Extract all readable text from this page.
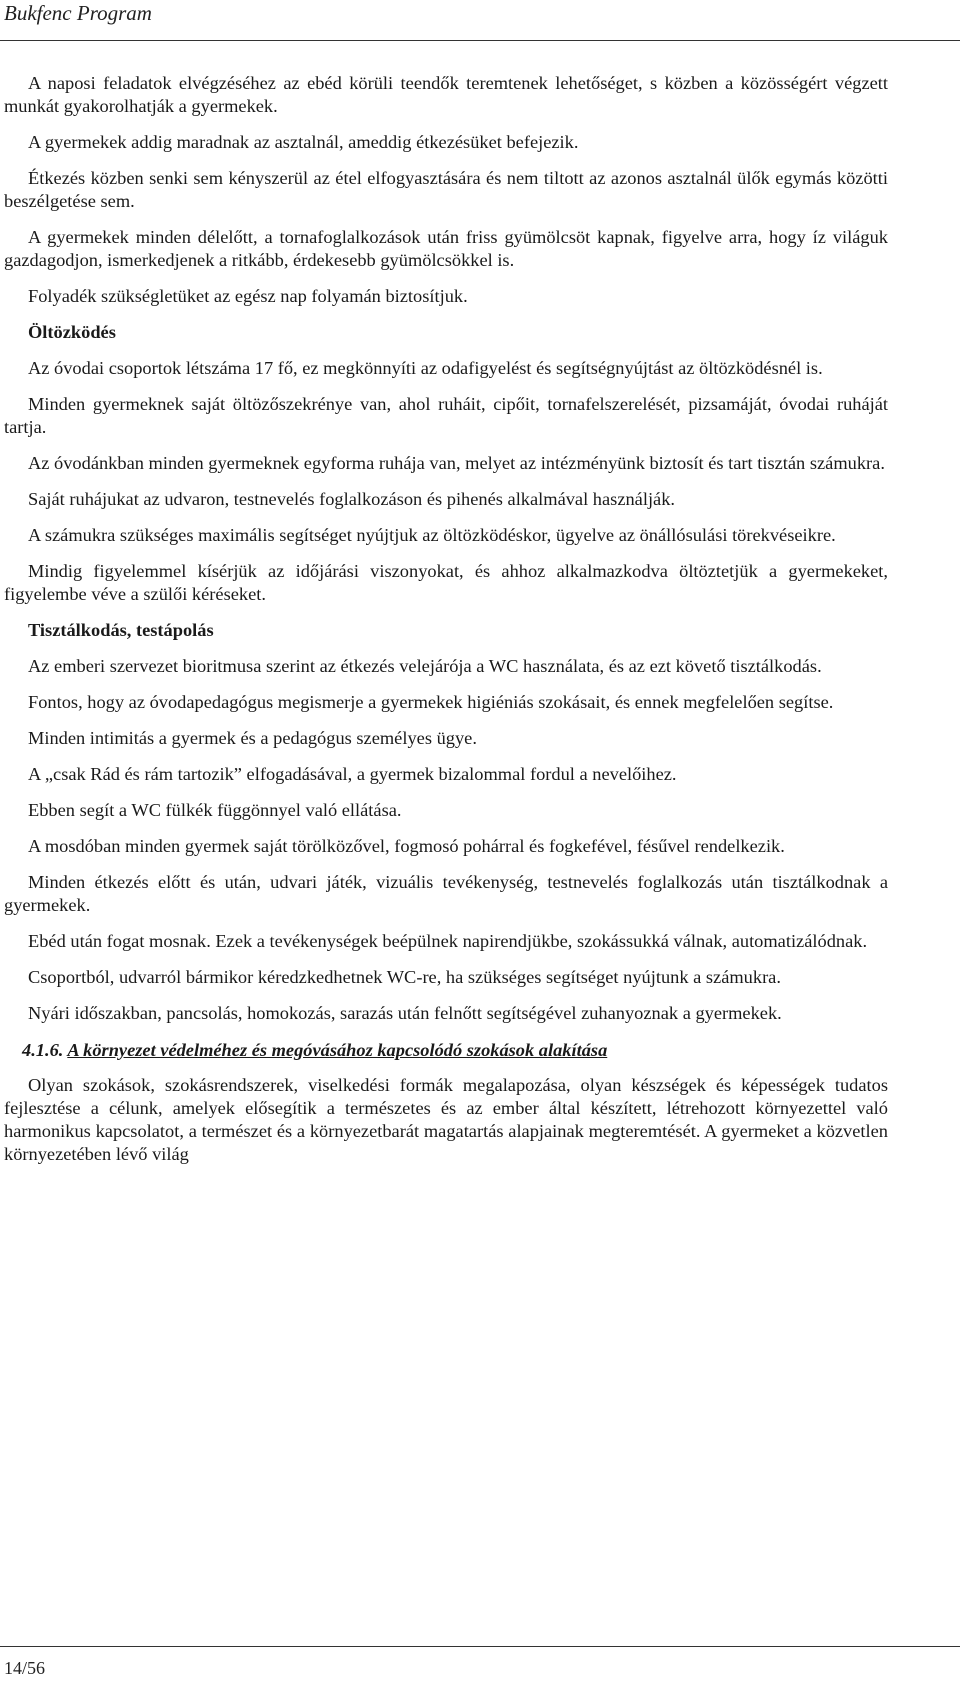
Bukfenc Program

A naposi feladatok elvégzéséhez az ebéd körüli teendők teremtenek lehetőséget, s közben a közösségért végzett munkát gyakorolhatják a gyermekek.

A gyermekek addig maradnak az asztalnál, ameddig étkezésüket befejezik.

Étkezés közben senki sem kényszerül az étel elfogyasztására és nem tiltott az azonos asztalnál ülők egymás közötti beszélgetése sem.

A gyermekek minden délelőtt, a tornafoglalkozások után friss gyümölcsöt kapnak, figyelve arra, hogy íz világuk gazdagodjon, ismerkedjenek a ritkább, érdekesebb gyümölcsökkel is.

Folyadék szükségletüket az egész nap folyamán biztosítjuk.

Öltözködés

Az óvodai csoportok létszáma 17 fő, ez megkönnyíti az odafigyelést és segítségnyújtást az öltözködésnél is.

Minden gyermeknek saját öltözőszekrénye van, ahol ruháit, cipőit, tornafelszerelését, pizsamáját, óvodai ruháját tartja.

Az óvodánkban minden gyermeknek egyforma ruhája van, melyet az intézményünk biztosít és tart tisztán számukra.

Saját ruhájukat az udvaron, testnevelés foglalkozáson és pihenés alkalmával használják.

A számukra szükséges maximális segítséget nyújtjuk az öltözködéskor, ügyelve az önállósulási törekvéseikre.

Mindig figyelemmel kísérjük az időjárási viszonyokat, és ahhoz alkalmazkodva öltöztetjük a gyermekeket, figyelembe véve a szülői kéréseket.

Tisztálkodás, testápolás

Az emberi szervezet bioritmusa szerint az étkezés velejárója a WC használata, és az ezt követő tisztálkodás.

Fontos, hogy az óvodapedagógus megismerje a gyermekek higiéniás szokásait, és ennek megfelelően segítse.

Minden intimitás a gyermek és a pedagógus személyes ügye.

A „csak Rád és rám tartozik” elfogadásával, a gyermek bizalommal fordul a nevelőihez.

Ebben segít a WC fülkék függönnyel való ellátása.

A mosdóban minden gyermek saját törölközővel, fogmosó pohárral és fogkefével, fésűvel rendelkezik.

Minden étkezés előtt és után, udvari játék, vizuális tevékenység, testnevelés foglalkozás után tisztálkodnak a gyermekek.

Ebéd után fogat mosnak. Ezek a tevékenységek beépülnek napirendjükbe, szokássukká válnak, automatizálódnak.

Csoportból, udvarról bármikor kéredzkedhetnek WC-re, ha szükséges segítséget nyújtunk a számukra.

Nyári időszakban, pancsolás, homokozás, sarazás után felnőtt segítségével zuhanyoznak a gyermekek.

4.1.6. A környezet védelméhez és megóvásához kapcsolódó szokások alakítása

Olyan szokások, szokásrendszerek, viselkedési formák megalapozása, olyan készségek és képességek tudatos fejlesztése a célunk, amelyek elősegítik a természetes és az ember által készített, létrehozott környezettel való harmonikus kapcsolatot, a természet és a környezetbarát magatartás alapjainak megteremtését. A gyermeket a közvetlen környezetében lévő világ

14/56
